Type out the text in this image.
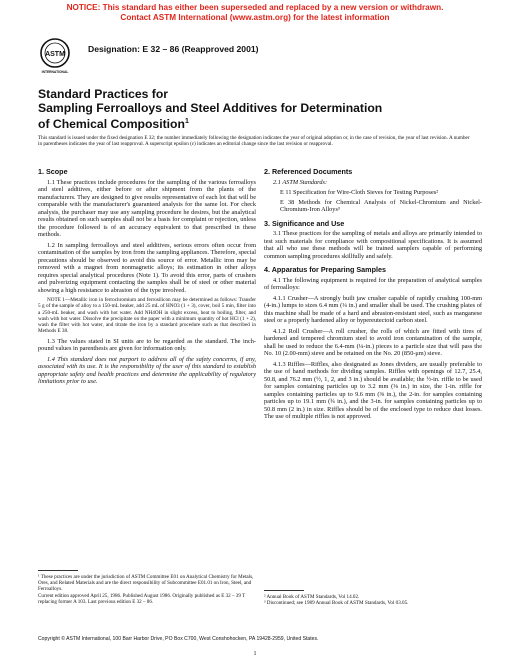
NOTICE: This standard has either been superseded and replaced by a new version or withdrawn.
Contact ASTM International (www.astm.org) for the latest information
ASTM
INTERNATIONAL
Designation: E 32 – 86 (Reapproved 2001)
Standard Practices for
Sampling Ferroalloys and Steel Additives for Determination
of Chemical Composition$^1$
This standard is issued under the fixed designation E 32; the number immediately following the designation indicates the year of original adoption or, in the case of revision, the year of last revision. A number in parentheses indicates the year of last reapproval. A superscript epsilon (ε) indicates an editorial change since the last revision or reapproval.
1. Scope

1.1 These practices include procedures for the sampling of the various ferroalloys and steel additives, either before or after shipment from the plants of the manufacturers. They are designed to give results representative of each lot that will be comparable with the manufacturer's guaranteed analysis for the same lot. For check analysis, the purchaser may use any sampling procedure he desires, but the analytical results obtained on such samples shall not be a basis for complaint or rejection, unless the procedure followed is of an accuracy equivalent to that prescribed in these methods.

1.2 In sampling ferroalloys and steel additives, serious errors often occur from contamination of the samples by iron from the sampling appliances. Therefore, special precautions should be observed to avoid this source of error. Metallic iron may be removed with a magnet from nonmagnetic alloys; its estimation in other alloys requires special analytical procedures (Note 1). To avoid this error, parts of crushers and pulverizing equipment contacting the samples shall be of steel or other material showing a high resistance to abrasion of the type involved.

NOTE 1—Metallic iron in ferrochromium and ferrosilicon may be determined as follows: Transfer 5 g of the sample of alloy to a 150-mL beaker, add 25 mL of HNO3 (1 + 3), cover, boil 5 min, filter into a 250-mL beaker, and wash with hot water. Add NH4OH in slight excess, heat to boiling, filter, and wash with hot water. Dissolve the precipitate on the paper with a minimum quantity of hot HCl (1 + 2), wash the filter with hot water, and titrate the iron by a standard procedure such as that described in Methods E 38.

1.3 The values stated in SI units are to be regarded as the standard. The inch-pound values in parenthesis are given for information only.

1.4 This standard does not purport to address all of the safety concerns, if any, associated with its use. It is the responsibility of the user of this standard to establish appropriate safety and health practices and determine the applicability of regulatory limitations prior to use.

2. Referenced Documents

2.1 ASTM Standards:

E 11 Specification for Wire-Cloth Sieves for Testing Purposes²

E 38 Methods for Chemical Analysis of Nickel-Chromium and Nickel-Chromium-Iron Alloys³

3. Significance and Use

3.1 These practices for the sampling of metals and alloys are primarily intended to test such materials for compliance with compositional specifications. It is assumed that all who use these methods will be trained samplers capable of performing common sampling procedures skillfully and safely.

4. Apparatus for Preparing Samples

4.1 The following equipment is required for the preparation of analytical samples of ferroalloys:

4.1.1 Crusher—A strongly built jaw crusher capable of rapidly crushing 100-mm (4-in.) lumps to sizes 6.4 mm (¼ in.) and smaller shall be used. The crushing plates of this machine shall be made of a hard and abrasion-resistant steel, such as manganese steel or a properly hardened alloy or hypereutectoid carbon steel.

4.1.2 Roll Crusher—A roll crusher, the rolls of which are fitted with tires of hardened and tempered chromium steel to avoid iron contamination of the sample, shall be used to reduce the 6.4-mm (¼-in.) pieces to a particle size that will pass the No. 10 (2.00-mm) sieve and be retained on the No. 20 (850-μm) sieve.

4.1.3 Riffles—Riffles, also designated as Jones dividers, are usually preferable to the use of hand methods for dividing samples. Riffles with openings of 12.7, 25.4, 50.8, and 76.2 mm (½, 1, 2, and 3 in.) should be available; the ½-in. riffle to be used for samples containing particles up to 3.2 mm (⅛ in.) in size, the 1-in. riffle for samples containing particles up to 9.6 mm (⅜ in.), the 2-in. for samples containing particles up to 19.1 mm (¾ in.), and the 3-in. for samples containing particles up to 50.8 mm (2 in.) in size. Riffles should be of the enclosed type to reduce dust losses. The use of multiple riffles is not approved.

¹ These practices are under the jurisdiction of ASTM Committee E01 on Analytical Chemistry for Metals, Ores, and Related Materials and are the direct responsibility of Subcommittee E01.01 on Iron, Steel, and Ferroalloys.
Current edition approved April 25, 1986. Published August 1986. Originally published as E 32 – 39 T replacing former A 103. Last previous edition E 32 – 86.
² Annual Book of ASTM Standards, Vol 14.02.
³ Discontinued; see 1989 Annual Book of ASTM Standards, Vol 03.05.
Copyright © ASTM International, 100 Barr Harbor Drive, PO Box C700, West Conshohocken, PA 19428-2959, United States.
1
